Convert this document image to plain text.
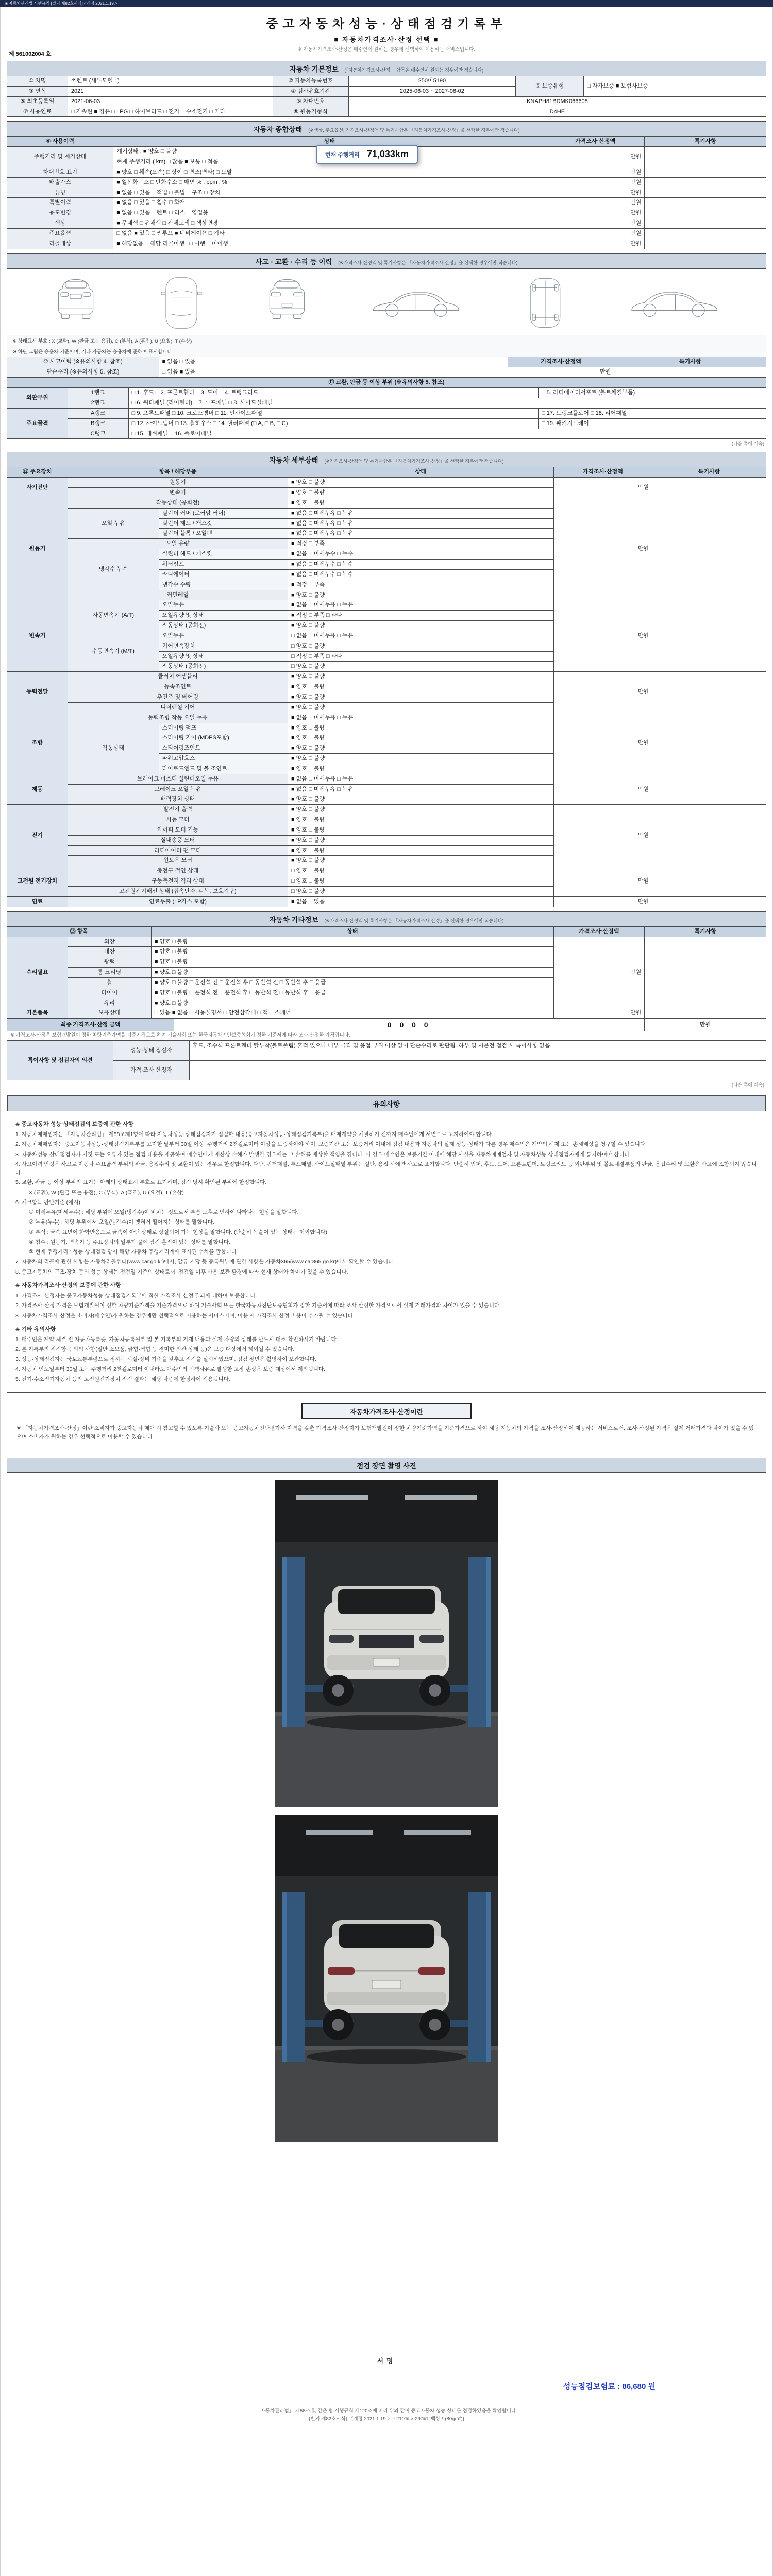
■ 자동차관리법 시행규칙 [별지 제82호서식] <개정 2021.1.19.>
중고자동차성능·상태점검기록부
■ 자동차가격조사·산정 선택 ■
※ 자동차가격조사·산정은 매수인이 원하는 경우에 선택하여 이용하는 서비스입니다.
제 561002004 호
자동차 기본정보 (「자동차가격조사·산정」 항목은 매수인이 원하는 경우에만 적습니다)
① 차명	쏘렌토 (세부모델 : )	② 자동차등록번호	250머5190	⑨ 보증유형	□ 자가보증 ■ 보험사보증
③ 연식	2021	④ 검사유효기간	2025-06-03 ~ 2027-06-02		
⑤ 최초등록일	2021-06-03	⑥ 차대번호	KNAPH81BDMK066608		
⑦ 사용연료	□ 가솔린 ■ 경유 □ LPG □ 하이브리드 □ 전기 □ 수소전기 □ 기타	⑧ 원동기형식	D4HE		
자동차 종합상태 (※색상, 주요옵션, 가격조사·산정액 및 특기사항은 「자동차가격조사·산정」을 선택한 경우에만 적습니다)
⑨ 사용이력	상태	가격조사·산정액	특기사항
주행거리 및 계기상태	계기상태 : ■ 양호 □ 불량	만원	
	현재 주행거리 ( km) □ 많음 ■ 보통 □ 적음		
차대번호 표기	■ 양호 □ 훼손(오손) □ 상이 □ 변조(변타) □ 도말	만원	
배출가스	■ 일산화탄소 □ 탄화수소 □ 매연 % , ppm , %	만원	
튜닝	■ 없음 □ 있음 □ 적법 □ 불법 □ 구조 □ 장치	만원	
특별이력	■ 없음 □ 있음 □ 침수 □ 화재	만원	
용도변경	■ 없음 □ 있음 □ 렌트 □ 리스 □ 영업용	만원	
색상	■ 무채색 □ 유채색 □ 전체도색 □ 색상변경	만원	
주요옵션	□ 없음 ■ 있음 □ 썬루프 ■ 네비게이션 □ 기타	만원	
리콜대상	■ 해당없음 □ 해당 리콜이행 : □ 이행 □ 미이행	만원	
현재 주행거리 71,033km
사고 · 교환 · 수리 등 이력 (※가격조사·산정액 및 특기사항은 「자동차가격조사·산정」을 선택한 경우에만 적습니다)
※ 상태표시 부호 : X (교환), W (판금 또는 용접), C (부식), A (흠집), U (요철), T (손상)
※ 하단 그림은 승용차 기준이며, 기타 자동차는 승용차에 준하여 표시합니다.
⑩ 사고이력 (※유의사항 4. 참조)	■ 없음 □ 있음	가격조사·산정액	특기사항
단순수리 (※유의사항 5. 참조)	□ 없음 ■ 있음	만원	
⑪ 교환, 판금 등 이상 부위 (※유의사항 5. 참조)			
외판부위	1랭크	□ 1. 후드 □ 2. 프론트휀더 □ 3. 도어 □ 4. 트렁크리드	□ 5. 라디에이터서포트 (볼트체결부품)
	2랭크	□ 6. 쿼터패널 (리어휀더) □ 7. 루프패널 □ 8. 사이드실패널	
주요골격	A랭크	□ 9. 프론트패널 □ 10. 크로스멤버 □ 11. 인사이드패널	□ 17. 트렁크플로어 □ 18. 리어패널
	B랭크	□ 12. 사이드멤버 □ 13. 휠하우스 □ 14. 필러패널 (□ A, □ B, □ C)	□ 19. 패키지트레이
	C랭크	□ 15. 대쉬패널 □ 16. 플로어패널	
(다음 쪽에 계속)
자동차 세부상태 (※가격조사·산정액 및 특기사항은 「자동차가격조사·산정」을 선택한 경우에만 적습니다)
⑫ 주요장치	항목 / 해당부품		상태	가격조사·산정액	특기사항
자기진단	원동기		■ 양호 □ 불량	만원	
	변속기		■ 양호 □ 불량		
원동기	작동상태 (공회전)		■ 양호 □ 불량	만원	
	오일 누유	실린더 커버 (로커암 커버)	■ 없음 □ 미세누유 □ 누유		
		실린더 헤드 / 개스킷	■ 없음 □ 미세누유 □ 누유		
		실린더 블록 / 오일팬	■ 없음 □ 미세누유 □ 누유		
	오일 유량		■ 적정 □ 부족		
	냉각수 누수	실린더 헤드 / 개스킷	■ 없음 □ 미세누수 □ 누수		
		워터펌프	■ 없음 □ 미세누수 □ 누수		
		라디에이터	■ 없음 □ 미세누수 □ 누수		
		냉각수 수량	■ 적정 □ 부족		
	커먼레일		■ 양호 □ 불량		
변속기	자동변속기 (A/T)	오일누유	■ 없음 □ 미세누유 □ 누유	만원	
		오일유량 및 상태	■ 적정 □ 부족 □ 과다		
		작동상태 (공회전)	■ 양호 □ 불량		
	수동변속기 (M/T)	오일누유	□ 없음 □ 미세누유 □ 누유		
		기어변속장치	□ 양호 □ 불량		
		오일유량 및 상태	□ 적정 □ 부족 □ 과다		
		작동상태 (공회전)	□ 양호 □ 불량		
동력전달	클러치 어셈블리		■ 양호 □ 불량	만원	
	등속조인트		■ 양호 □ 불량		
	추진축 및 베어링		■ 양호 □ 불량		
	디퍼렌셜 기어		■ 양호 □ 불량		
조향	동력조향 작동 오일 누유		■ 없음 □ 미세누유 □ 누유	만원	
	작동상태	스티어링 펌프	■ 양호 □ 불량		
		스티어링 기어 (MDPS포함)	■ 양호 □ 불량		
		스티어링조인트	■ 양호 □ 불량		
		파워고압호스	■ 양호 □ 불량		
		타이로드엔드 및 볼 조인트	■ 양호 □ 불량		
제동	브레이크 마스터 실린더오일 누유		■ 없음 □ 미세누유 □ 누유	만원	
	브레이크 오일 누유		■ 없음 □ 미세누유 □ 누유		
	배력장치 상태		■ 양호 □ 불량		
전기	발전기 출력		■ 양호 □ 불량	만원	
	시동 모터		■ 양호 □ 불량		
	와이퍼 모터 기능		■ 양호 □ 불량		
	실내송풍 모터		■ 양호 □ 불량		
	라디에이터 팬 모터		■ 양호 □ 불량		
	윈도우 모터		■ 양호 □ 불량		
고전원 전기장치	충전구 절연 상태		□ 양호 □ 불량	만원	
	구동축전지 격리 상태		□ 양호 □ 불량		
	고전원전기배선 상태 (접속단자, 피복, 보호기구)		□ 양호 □ 불량		
연료	연료누출 (LP가스 포함)		■ 없음 □ 있음	만원	
자동차 기타정보 (※가격조사·산정액 및 특기사항은 「자동차가격조사·산정」을 선택한 경우에만 적습니다)
⑬ 항목		상태	가격조사·산정액	특기사항
수리필요	외장	■ 양호 □ 불량	만원	
	내장	■ 양호 □ 불량		
	광택	■ 양호 □ 불량		
	룸 크리닝	■ 양호 □ 불량		
	휠	■ 양호 □ 불량 □ 운전석 전 □ 운전석 후 □ 동반석 전 □ 동반석 후 □ 응급		
	타이어	■ 양호 □ 불량 □ 운전석 전 □ 운전석 후 □ 동반석 전 □ 동반석 후 □ 응급		
	유리	■ 양호 □ 불량		
기본품목	보유상태	□ 있음 ■ 없음 □ 사용설명서 □ 안전삼각대 □ 잭 □ 스패너	만원	
최종 가격조사·산정 금액	0 0 0 0	만원
※ 가격조사·산정은 보험개발원이 정한 차량기준가액을 기준가격으로 하여 기술사회 또는 한국자동차진단보증협회가 정한 기준서에 따라 조사·산정한 가격입니다.
특이사항 및 점검자의 의견	성능·상태 점검자	후드, 조수석 프론트휀더 탈부착(볼트풀림) 흔적 있으나 내부 골격 및 용접 부위 이상 없어 단순수리로 판단됨. 하부 및 시운전 점검 시 특이사항 없음.
	가격·조사 산정자	
(다음 쪽에 계속)
유의사항
◈ 중고자동차 성능·상태점검의 보증에 관한 사항
1. 자동차매매업자는 「자동차관리법」 제58조제1항에 따라 자동차성능·상태점검자가 점검한 내용(중고자동차성능·상태점검기록부)을 매매계약을 체결하기 전까지 매수인에게 서면으로 고지하여야 합니다.
2. 자동차매매업자는 중고자동차성능·상태점검기록부를 고지한 날부터 30일 이상, 주행거리 2천킬로미터 이상을 보증하여야 하며, 보증기간 또는 보증거리 이내에 점검 내용과 자동차의 실제 성능·상태가 다른 경우 매수인은 계약의 해제 또는 손해배상을 청구할 수 있습니다.
3. 자동차성능·상태점검자가 거짓 또는 오류가 있는 점검 내용을 제공하여 매수인에게 재산상 손해가 발생한 경우에는 그 손해를 배상할 책임을 집니다. 이 경우 매수인은 보증기간 이내에 해당 사실을 자동차매매업자 및 자동차성능·상태점검자에게 통지하여야 합니다.
4. 사고이력 인정은 사고로 자동차 주요골격 부위의 판금, 용접수리 및 교환이 있는 경우로 한정합니다. 다만, 쿼터패널, 루프패널, 사이드실패널 부위는 절단, 용접 시에만 사고로 표기합니다. 단순히 범퍼, 후드, 도어, 프론트휀더, 트렁크리드 등 외판부위 및 볼트체결부품의 판금, 용접수리 및 교환은 사고에 포함되지 않습니다.
5. 교환, 판금 등 이상 부위의 표기는 아래의 상태표시 부호로 표기하며, 점검 당시 확인된 부위에 한정합니다.
X (교환), W (판금 또는 용접), C (부식), A (흠집), U (요철), T (손상)
6. 체크항목 판단기준 (예시)
① 미세누유(미세누수) : 해당 부위에 오일(냉각수)이 비치는 정도로서 부품 노후로 인하여 나타나는 현상을 말합니다.
② 누유(누수) : 해당 부위에서 오일(냉각수)이 맺혀서 떨어지는 상태를 말합니다.
③ 부식 : 금속 표면이 화학반응으로 금속이 아닌 상태로 상실되어 가는 현상을 말합니다. (단순히 녹슬어 있는 상태는 제외합니다)
④ 침수 : 원동기, 변속기 등 주요장치의 일부가 물에 잠긴 흔적이 있는 상태를 말합니다.
⑤ 현재 주행거리 : 성능·상태점검 당시 해당 자동차 주행거리계에 표시된 수치를 말합니다.
7. 자동차의 리콜에 관한 사항은 자동차리콜센터(www.car.go.kr)에서, 압류·저당 등 등록원부에 관한 사항은 자동차365(www.car365.go.kr)에서 확인할 수 있습니다.
8. 중고자동차의 구조·장치 등의 성능·상태는 점검일 기준의 상태로서, 점검일 이후 사용·보관 환경에 따라 현재 상태와 차이가 있을 수 있습니다.
◈ 자동차가격조사·산정의 보증에 관한 사항
1. 가격조사·산정자는 중고자동차성능·상태점검기록부에 적힌 가격조사·산정 결과에 대하여 보증합니다.
2. 가격조사·산정 가격은 보험개발원이 정한 차량기준가액을 기준가격으로 하여 기술사회 또는 한국자동차진단보증협회가 정한 기준서에 따라 조사·산정한 가격으로서 실제 거래가격과 차이가 있을 수 있습니다.
3. 자동차가격조사·산정은 소비자(매수인)가 원하는 경우에만 선택적으로 이용하는 서비스이며, 이용 시 가격조사·산정 비용이 추가될 수 있습니다.
◈ 기타 유의사항
1. 매수인은 계약 체결 전 자동차등록증, 자동차등록원부 및 본 기록부의 기재 내용과 실제 차량의 상태를 반드시 대조·확인하시기 바랍니다.
2. 본 기록부의 점검항목 외의 사항(일반 소모품, 긁힘·찍힘 등 경미한 외관 상태 등)은 보증 대상에서 제외될 수 있습니다.
3. 성능·상태점검자는 국토교통부령으로 정하는 시설·장비 기준을 갖추고 점검을 실시하였으며, 점검 장면은 촬영하여 보관합니다.
4. 자동차 인도일부터 30일 또는 주행거리 2천킬로미터 이내라도 매수인의 귀책사유로 발생한 고장·손상은 보증 대상에서 제외됩니다.
5. 전기·수소전기자동차 등의 고전원전기장치 점검 결과는 해당 차종에 한정하여 적용됩니다.
자동차가격조사·산정이란
※ 「자동차가격조사·산정」이란 소비자가 중고자동차 매매 시 참고할 수 있도록 기술사 또는 중고자동차진단평가사 자격을 갖춘 가격조사·산정자가 보험개발원이 정한 차량기준가액을 기준가격으로 하여 해당 자동차의 가격을 조사·산정하여 제공하는 서비스로서, 조사·산정된 가격은 실제 거래가격과 차이가 있을 수 있으며 소비자가 원하는 경우 선택적으로 이용할 수 있습니다.
점검 장면 촬영 사진
서명
성능점검보험료 : 86,680 원
「자동차관리법」 제58조 및 같은 법 시행규칙 제120조에 따라 위와 같이 중고자동차 성능·상태를 점검하였음을 확인합니다.
[별지 제82호서식] 〈개정 2021.1.19.〉 ‧ 210㎜ × 297㎜ [백상지(80g/㎡)]
